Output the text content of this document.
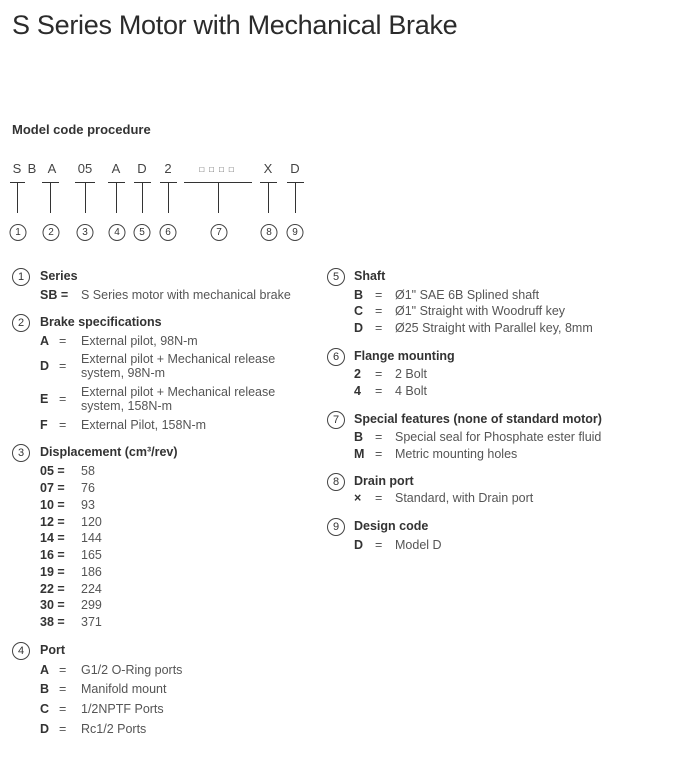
S Series Motor with Mechanical Brake
Model code procedure
S B A 05 A D 2	□□□□ X D
1	2	3	4	5	6	7	8	9
1	Series
SB = S Series motor with mechanical brake
2	Brake specifications
A = External pilot, 98N-m
D = External pilot + Mechanical release system, 98N-m
E = External pilot + Mechanical release system, 158N-m
F = External Pilot, 158N-m
3	Displacement (cm³/rev)
05 = 58
07 = 76
10 = 93
12 = 120
14 = 144
16 = 165
19 = 186
22 = 224
30 = 299
38 = 371
4	Port
A = G1/2 O-Ring ports
B = Manifold mount
C = 1/2NPTF Ports
D = Rc1/2 Ports
5	Shaft
B = Ø1" SAE 6B Splined shaft
C = Ø1" Straight with Woodruff key
D = Ø25 Straight with Parallel key, 8mm
6	Flange mounting
2 = 2 Bolt
4 = 4 Bolt
7	Special features (none of standard motor)
B = Special seal for Phosphate ester fluid
M = Metric mounting holes
8	Drain port
× = Standard, with Drain port
9	Design code
D = Model D
